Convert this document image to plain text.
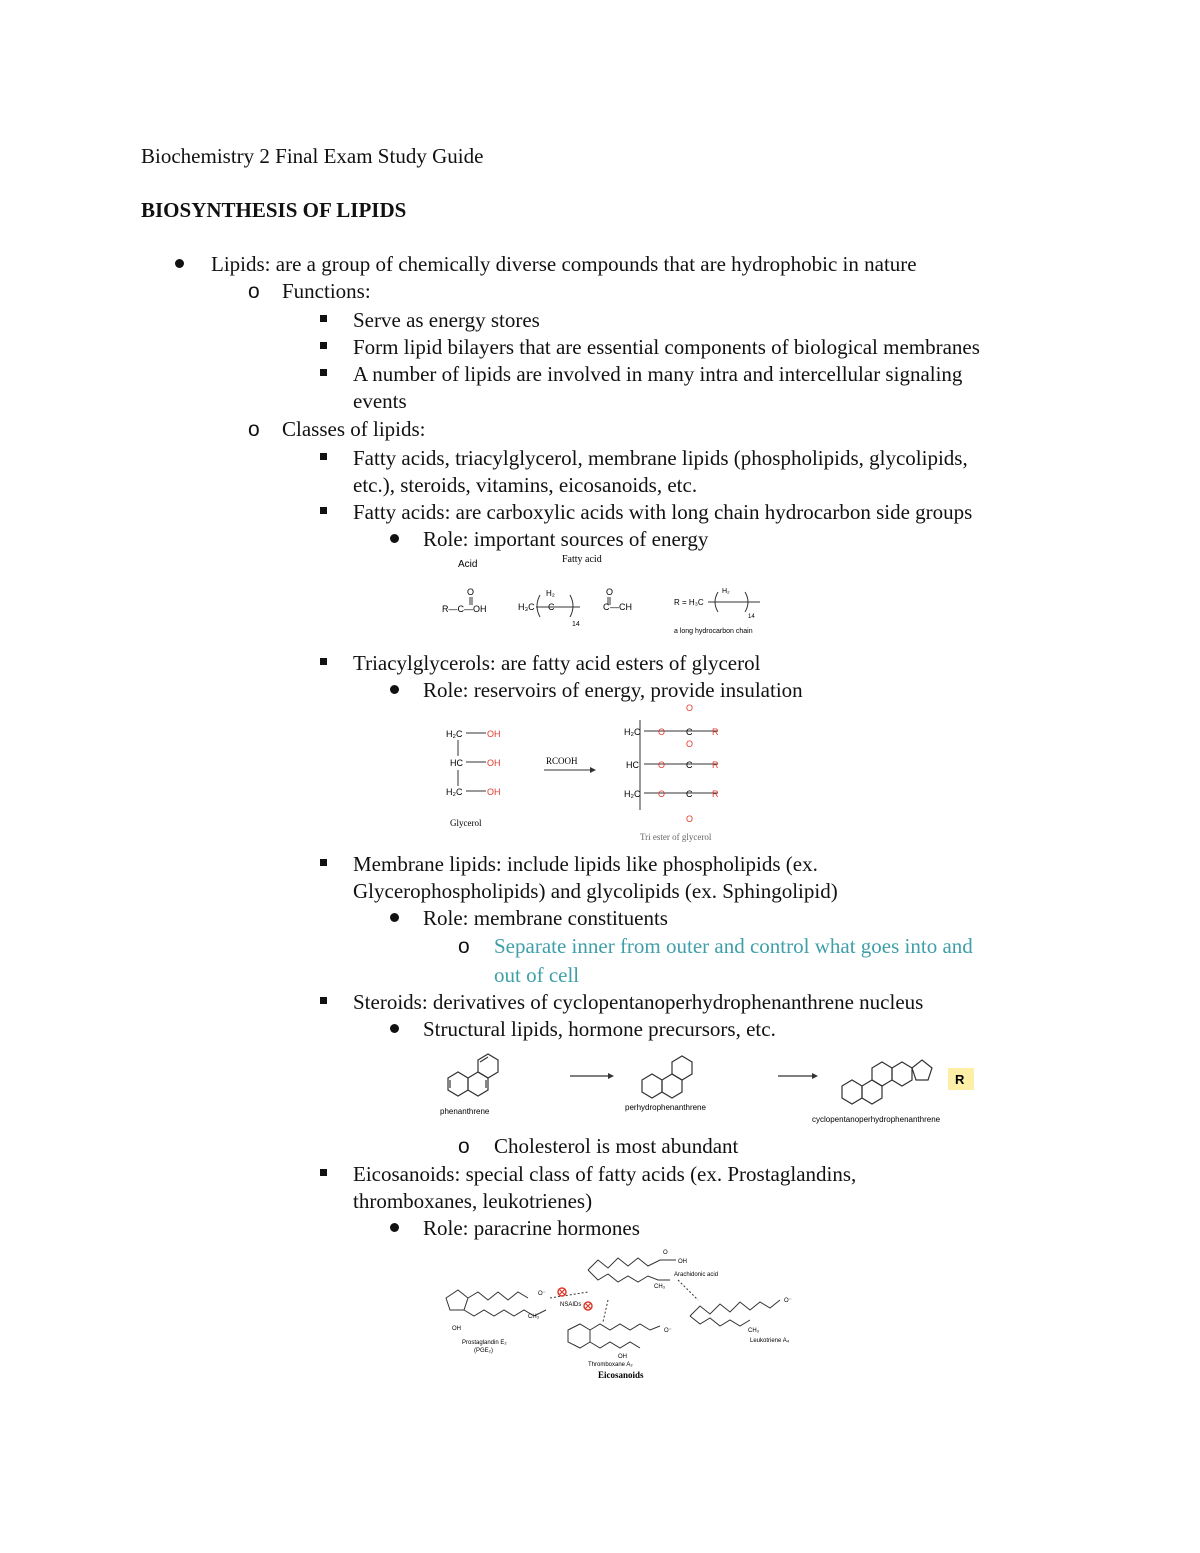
Biochemistry 2 Final Exam Study Guide
BIOSYNTHESIS OF LIPIDS
Lipids: are a group of chemically diverse compounds that are hydrophobic in nature
o Functions:
Serve as energy stores
Form lipid bilayers that are essential components of biological membranes
A number of lipids are involved in many intra and intercellular signaling
events
o Classes of lipids:
Fatty acids, triacylglycerol, membrane lipids (phospholipids, glycolipids,
etc.), steroids, vitamins, eicosanoids, etc.
Fatty acids: are carboxylic acids with long chain hydrocarbon side groups
Role: important sources of energy
Acid	Fatty acid
O
R—C—OH	H₃C
H₂
C
14
O
C —CH	R = H₃C
H₂
14
a long hydrocarbon chain
Triacylglycerols: are fatty acid esters of glycerol
Role: reservoirs of energy, provide insulation
H₂C	OH
HC	OH
H₂C	OH
Glycerol
RCOOH
H₂C
HC
H₂C
O C R
O
O C R
O
O C R
O
Tri ester of glycerol
Membrane lipids: include lipids like phospholipids (ex.
Glycerophospholipids) and glycolipids (ex. Sphingolipid)
Role: membrane constituents
o Separate inner from outer and control what goes into and
out of cell
Steroids: derivatives of cyclopentanoperhydrophenanthrene nucleus
Structural lipids, hormone precursors, etc.
phenanthrene	perhydrophenanthrene
cyclopentanoperhydrophenanthrene
R
o Cholesterol is most abundant
Eicosanoids: special class of fatty acids (ex. Prostaglandins,
thromboxanes, leukotrienes)
Role: paracrine hormones
O
OH
Arachidonic acid
CH₃
NSAIDs
O⁻
CH₃
OH
Prostaglandin E₂
(PGE₂)
O⁻
OH
Thromboxane A₂
O⁻
CH₃
Leukotriene A₄
Eicosanoids
